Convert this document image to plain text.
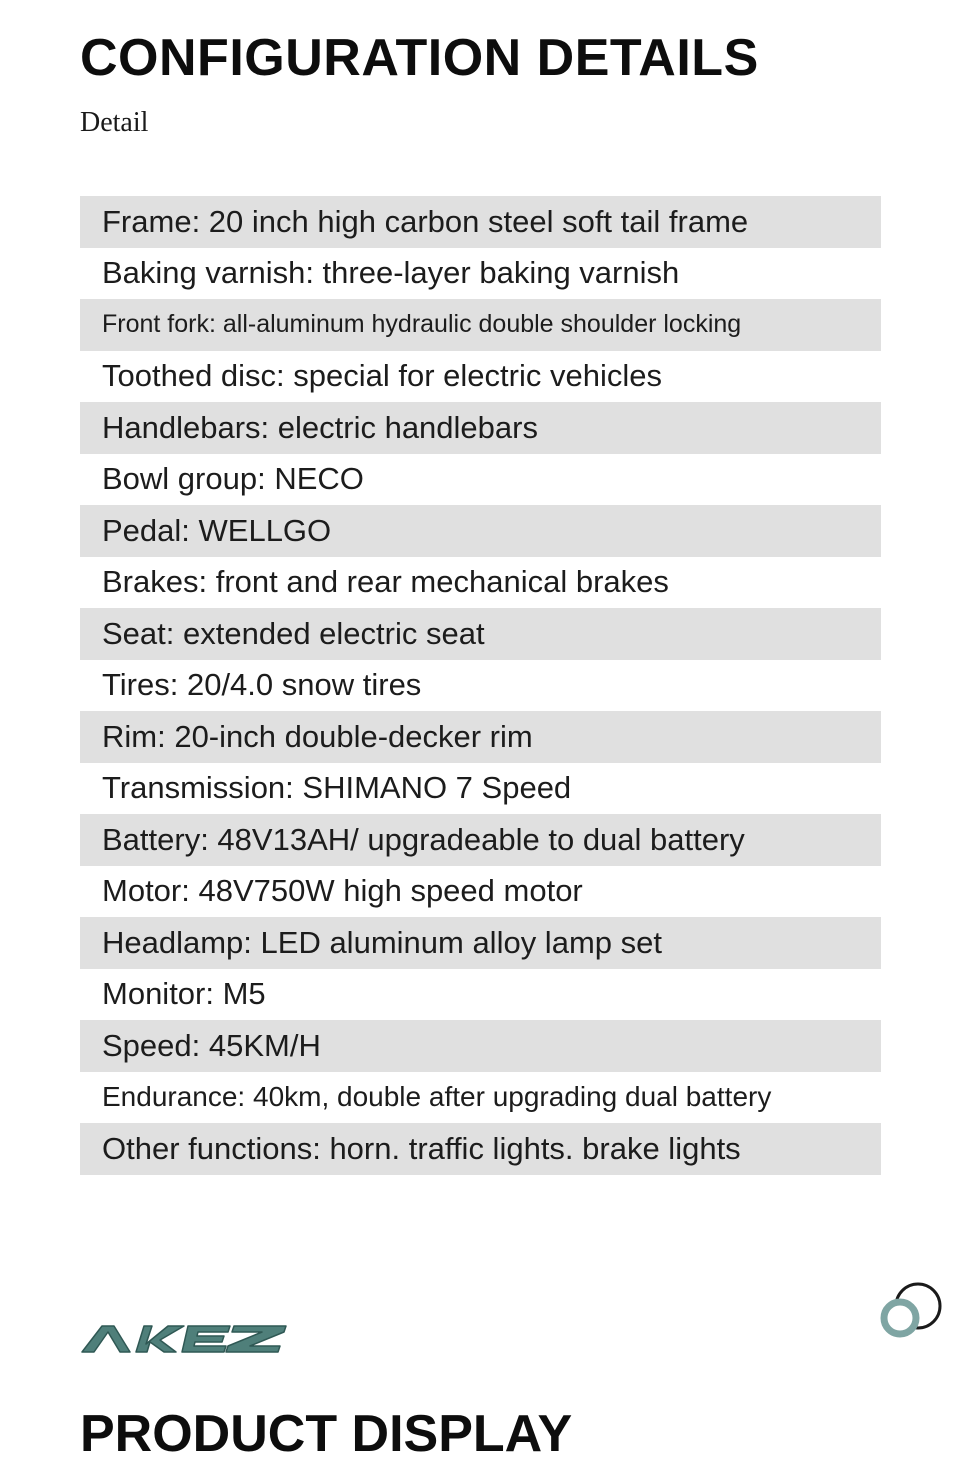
CONFIGURATION DETAILS

Detail

Frame: 20 inch high carbon steel soft tail frame
Baking varnish: three-layer baking varnish
Front fork: all-aluminum hydraulic double shoulder locking
Toothed disc: special for electric vehicles
Handlebars: electric handlebars
Bowl group: NECO
Pedal: WELLGO
Brakes: front and rear mechanical brakes
Seat: extended electric seat
Tires: 20/4.0 snow tires
Rim: 20-inch double-decker rim
Transmission: SHIMANO 7 Speed
Battery: 48V13AH/ upgradeable to dual battery
Motor: 48V750W high speed motor
Headlamp: LED aluminum alloy lamp set
Monitor: M5
Speed: 45KM/H
Endurance: 40km, double after upgrading dual battery
Other functions: horn. traffic lights. brake lights
PRODUCT DISPLAY
